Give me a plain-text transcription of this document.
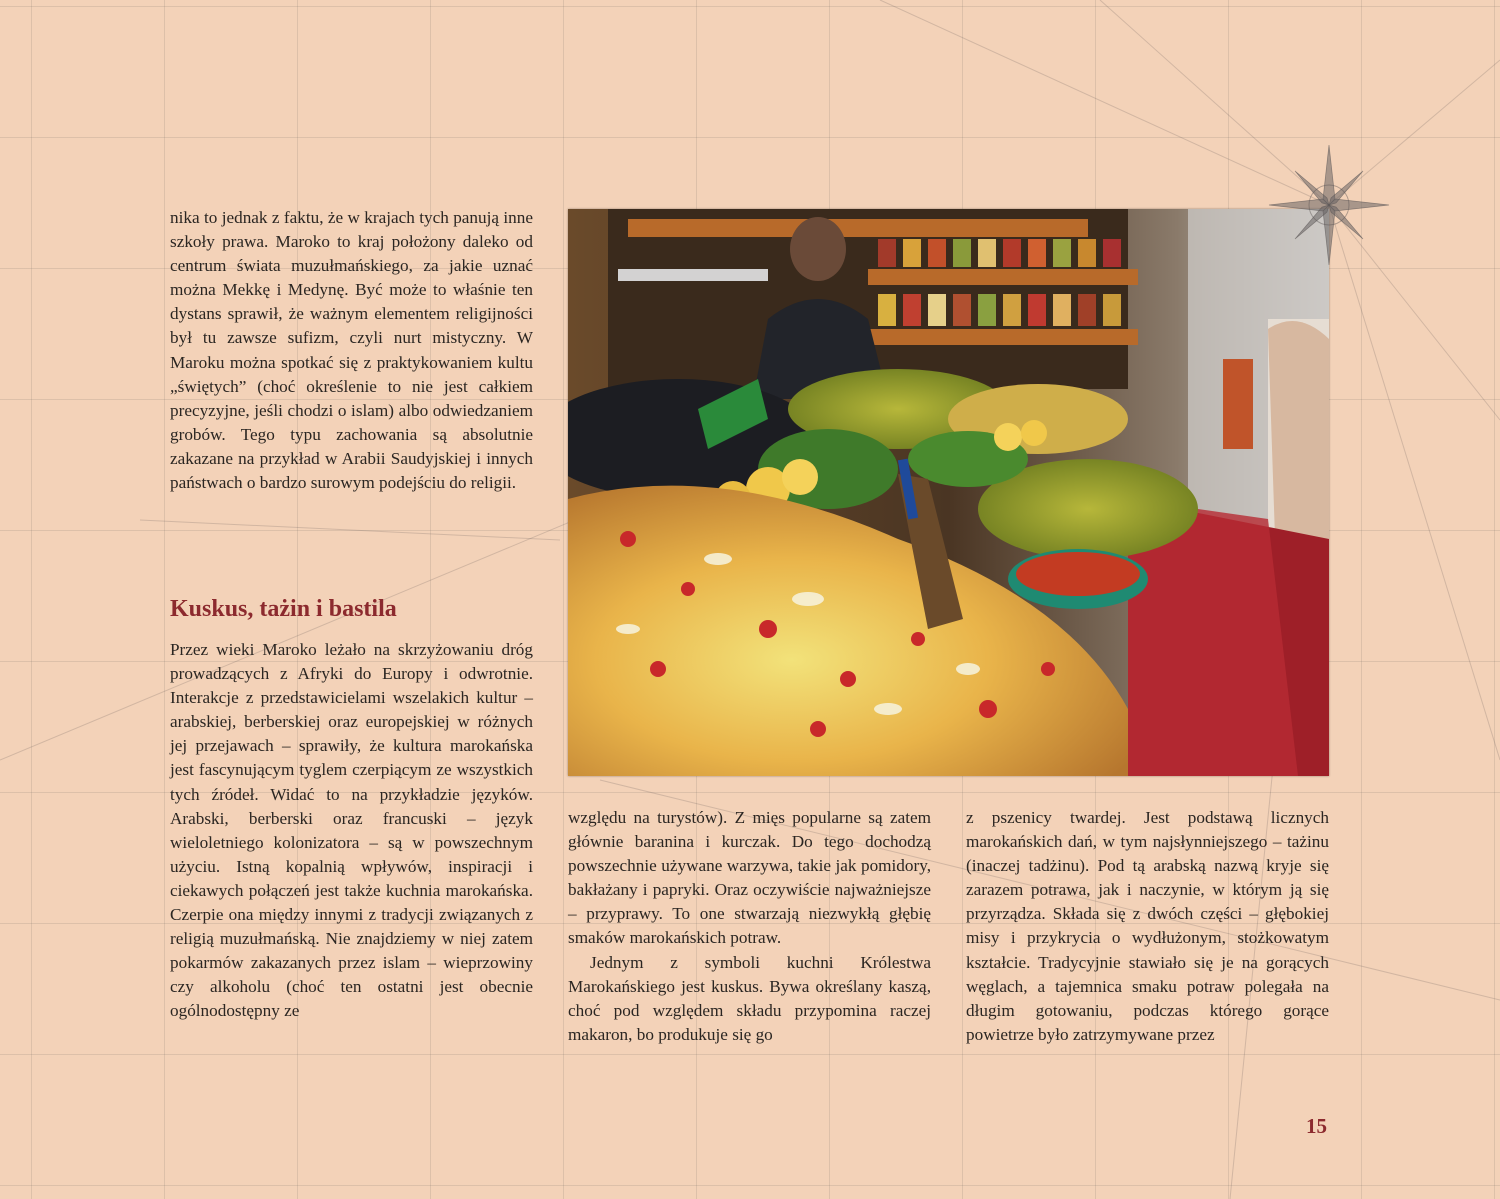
nika to jednak z faktu, że w krajach tych panują inne szkoły prawa. Maroko to kraj położony daleko od centrum świata muzułmańskiego, za jakie uznać można Mekkę i Medynę. Być może to właśnie ten dystans sprawił, że ważnym elementem religijności był tu zawsze sufizm, czyli nurt mistyczny. W Maroku można spotkać się z praktykowaniem kultu „świętych” (choć określenie to nie jest całkiem precyzyjne, jeśli chodzi o islam) albo odwiedzaniem grobów. Tego typu zachowania są absolutnie zakazane na przykład w Arabii Saudyjskiej i innych państwach o bardzo surowym podejściu do religii.

Kuskus, tażin i bastila

Przez wieki Maroko leżało na skrzyżowaniu dróg prowadzących z Afryki do Europy i odwrotnie. Interakcje z przedstawicielami wszelakich kultur – arabskiej, berberskiej oraz europejskiej w różnych jej przejawach – sprawiły, że kultura marokańska jest fascynującym tyglem czerpiącym ze wszystkich tych źródeł. Widać to na przykładzie języków. Arabski, berberski oraz francuski – język wieloletniego kolonizatora – są w powszechnym użyciu. Istną kopalnią wpływów, inspiracji i ciekawych połączeń jest także kuchnia marokańska. Czerpie ona między innymi z tradycji związanych z religią muzułmańską. Nie znajdziemy w niej zatem pokarmów zakazanych przez islam – wieprzowiny czy alkoholu (choć ten ostatni jest obecnie ogólnodostępny ze

względu na turystów). Z mięs popularne są zatem głównie baranina i kurczak. Do tego dochodzą powszechnie używane warzywa, takie jak pomidory, bakłażany i papryki. Oraz oczywiście najważniejsze – przyprawy. To one stwarzają niezwykłą głębię smaków marokańskich potraw.

Jednym z symboli kuchni Królestwa Marokańskiego jest kuskus. Bywa określany kaszą, choć pod względem składu przypomina raczej makaron, bo produkuje się go

z pszenicy twardej. Jest podstawą licznych marokańskich dań, w tym najsłynniejszego – tażinu (inaczej tadżinu). Pod tą arabską nazwą kryje się zarazem potrawa, jak i naczynie, w którym ją się przyrządza. Składa się z dwóch części – głębokiej misy i przykrycia o wydłużonym, stożkowatym kształcie. Tradycyjnie stawiało się je na gorących węglach, a tajemnica smaku potraw polegała na długim gotowaniu, podczas którego gorące powietrze było zatrzymywane przez

15
